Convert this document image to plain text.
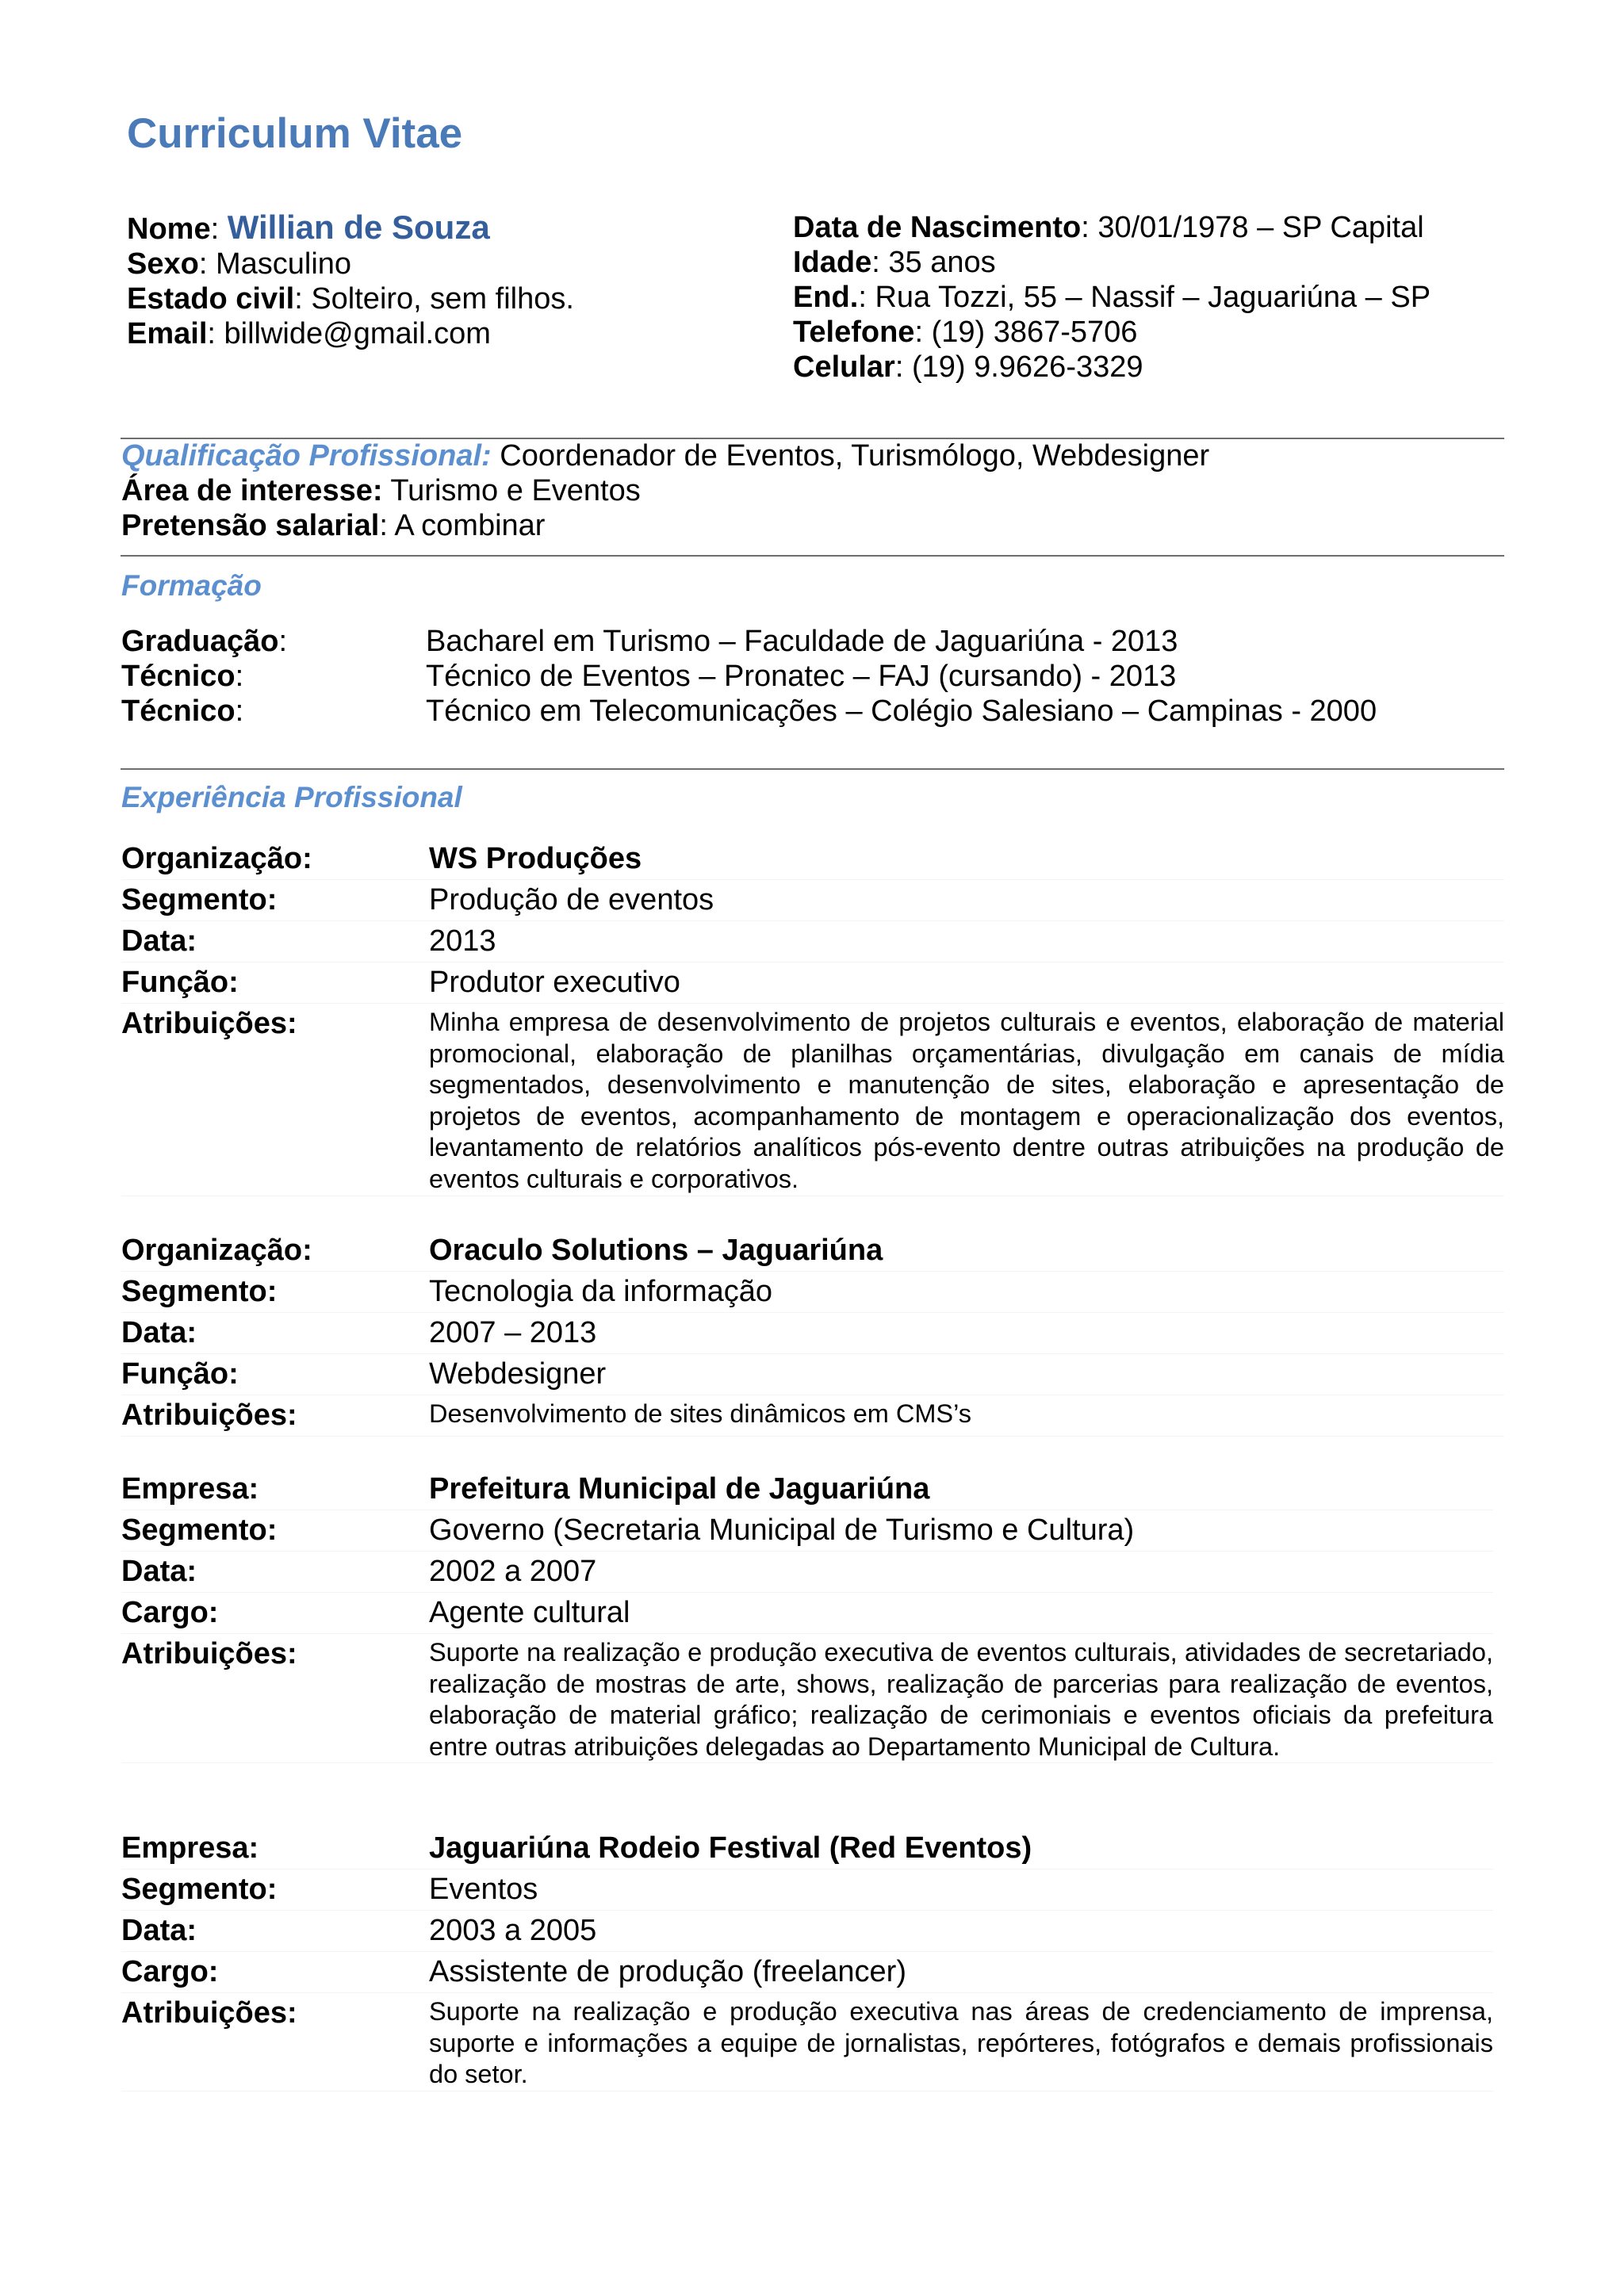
Curriculum Vitae
Nome: Willian de Souza
Sexo: Masculino
Estado civil: Solteiro, sem filhos.
Email: billwide@gmail.com
Data de Nascimento: 30/01/1978 – SP Capital
Idade: 35 anos
End.: Rua Tozzi, 55 – Nassif – Jaguariúna – SP
Telefone: (19) 3867-5706
Celular: (19) 9.9626-3329
Qualificação Profissional: Coordenador de Eventos, Turismólogo, Webdesigner
Área de interesse: Turismo e Eventos
Pretensão salarial: A combinar
Formação
Graduação:	Bacharel em Turismo – Faculdade de Jaguariúna - 2013
Técnico:	Técnico de Eventos – Pronatec – FAJ (cursando) - 2013
Técnico:	Técnico em Telecomunicações – Colégio Salesiano – Campinas - 2000
Experiência Profissional
Organização:	WS Produções
Segmento:	Produção de eventos
Data:	2013
Função:	Produtor executivo
Atribuições:	Minha empresa de desenvolvimento de projetos culturais e eventos, elaboração de material promocional, elaboração de planilhas orçamentárias, divulgação em canais de mídia segmentados, desenvolvimento e manutenção de sites, elaboração e apresentação de projetos de eventos, acompanhamento de montagem e operacionalização dos eventos, levantamento de relatórios analíticos pós-evento dentre outras atribuições na produção de eventos culturais e corporativos.
Organização:	Oraculo Solutions – Jaguariúna
Segmento:	Tecnologia da informação
Data:	2007 – 2013
Função:	Webdesigner
Atribuições:	Desenvolvimento de sites dinâmicos em CMS’s
Empresa:	Prefeitura Municipal de Jaguariúna
Segmento:	Governo (Secretaria Municipal de Turismo e Cultura)
Data:	2002 a 2007
Cargo:	Agente cultural
Atribuições:	Suporte na realização e produção executiva de eventos culturais, atividades de secretariado, realização de mostras de arte, shows, realização de parcerias para realização de eventos, elaboração de material gráfico; realização de cerimoniais e eventos oficiais da prefeitura entre outras atribuições delegadas ao Departamento Municipal de Cultura.
Empresa:	Jaguariúna Rodeio Festival (Red Eventos)
Segmento:	Eventos
Data:	2003 a 2005
Cargo:	Assistente de produção (freelancer)
Atribuições:	Suporte na realização e produção executiva nas áreas de credenciamento de imprensa, suporte e informações a equipe de jornalistas, repórteres, fotógrafos e demais profissionais do setor.
